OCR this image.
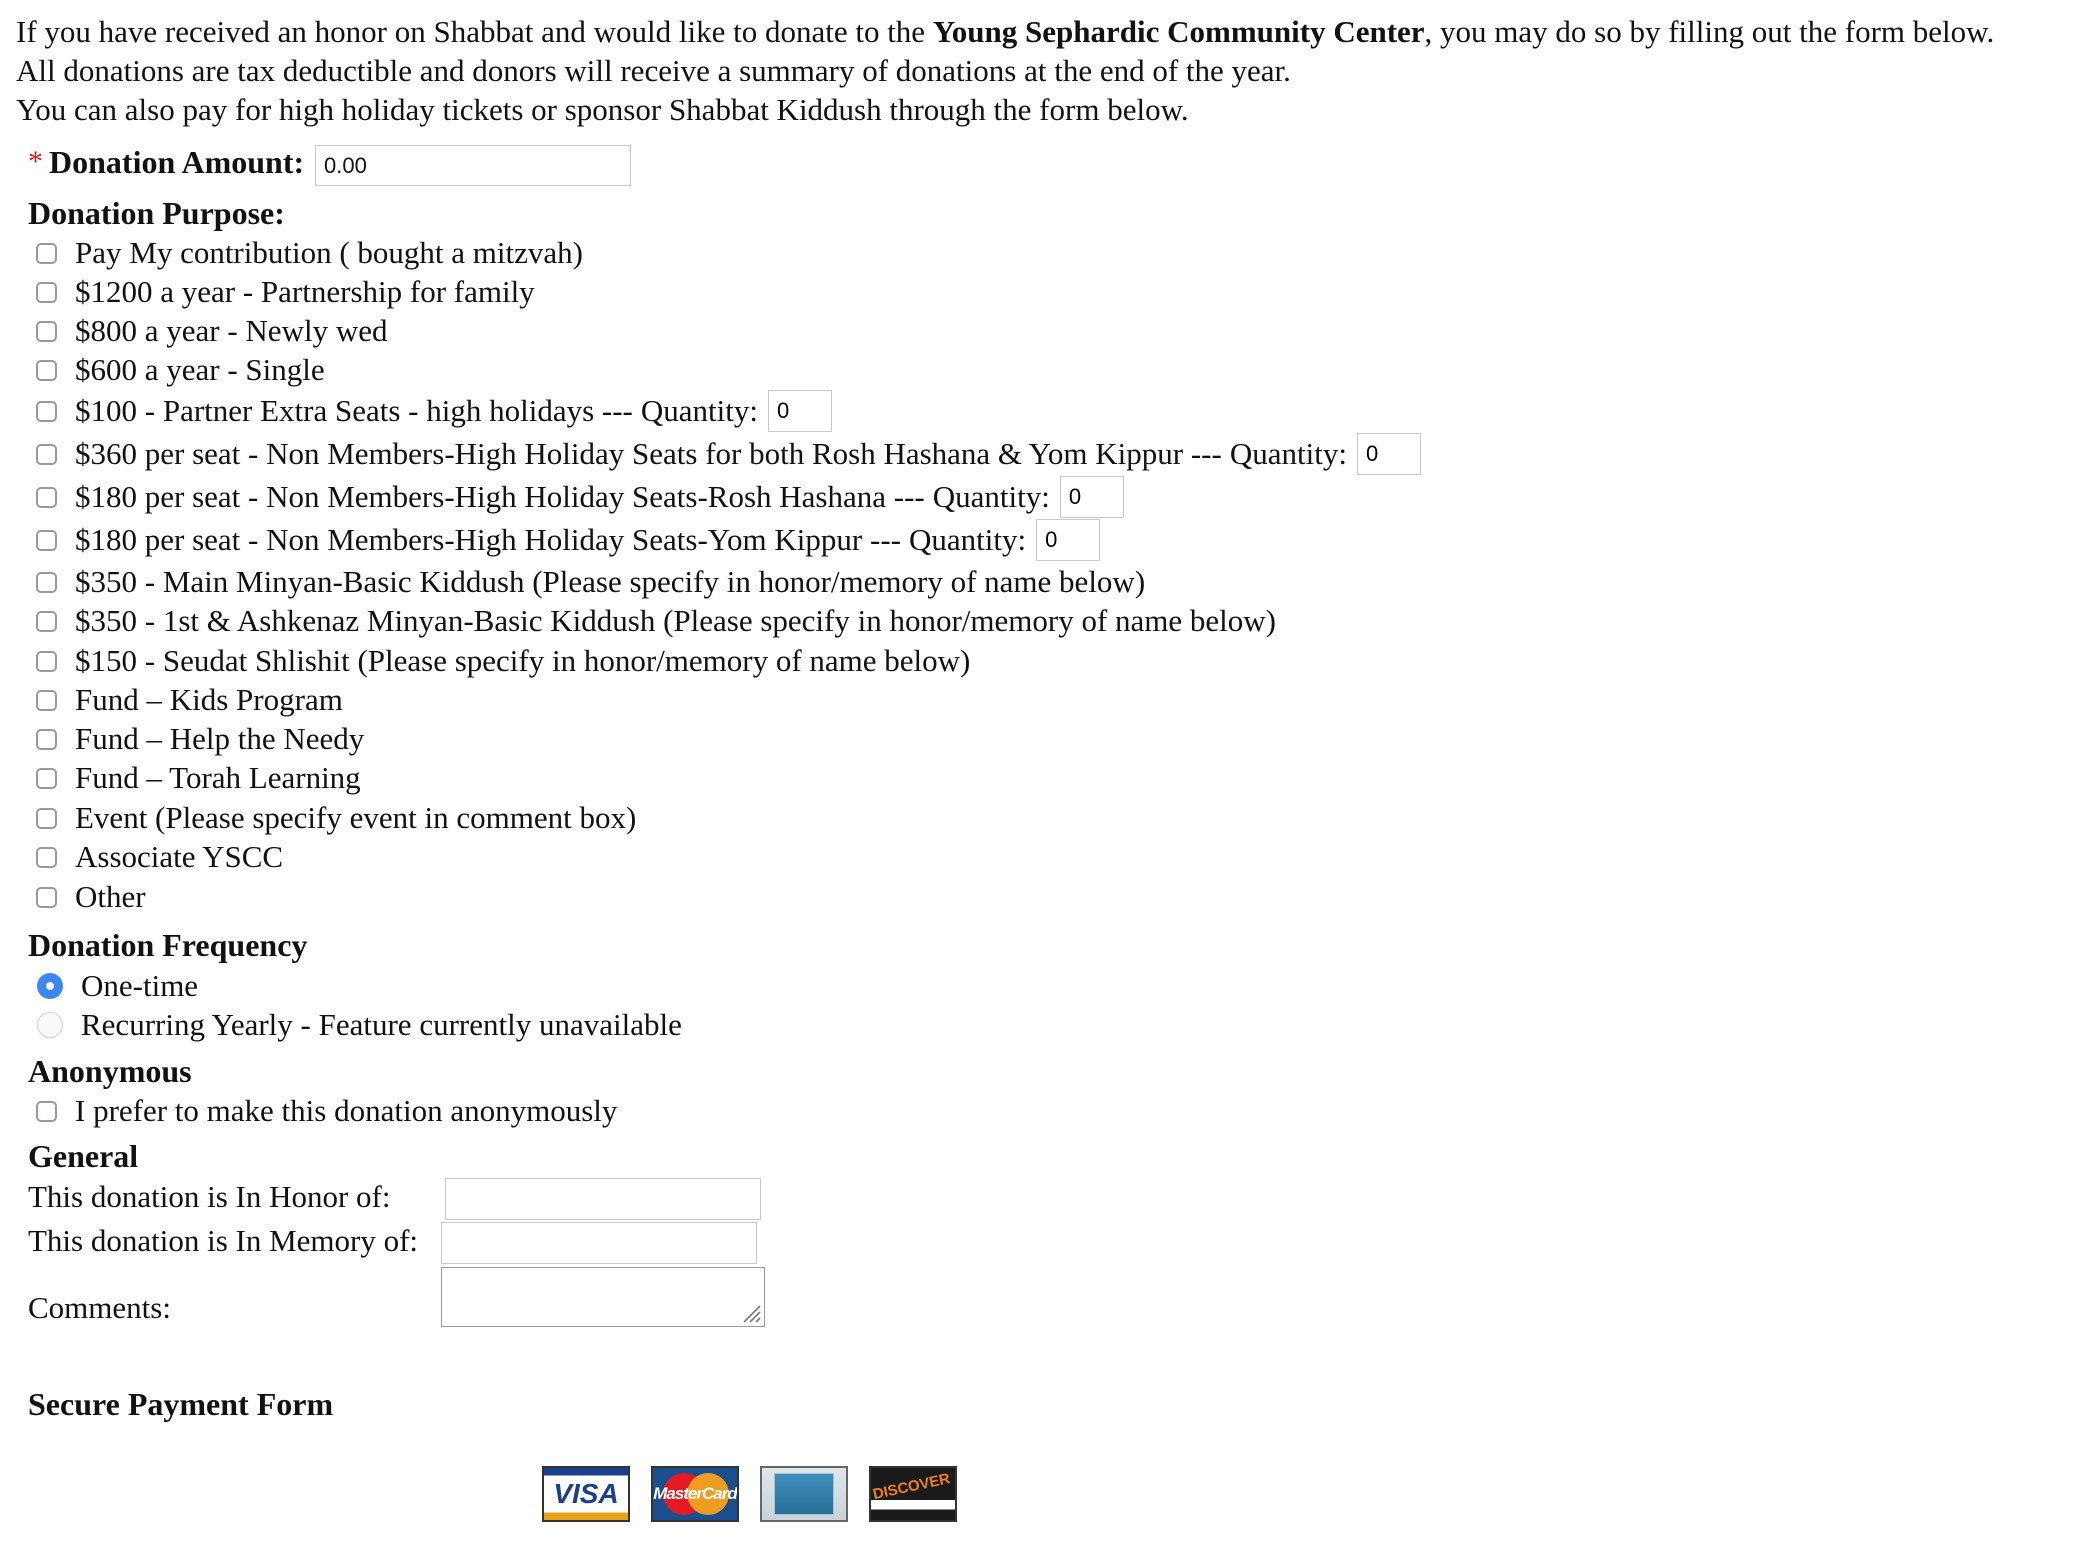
If you have received an honor on Shabbat and would like to donate to the Young Sephardic Community Center, you may do so by filling out the form below.

All donations are tax deductible and donors will receive a summary of donations at the end of the year.

You can also pay for high holiday tickets or sponsor Shabbat Kiddush through the form below.

* Donation Amount:
0.00
Donation Purpose:
Pay My contribution ( bought a mitzvah)
$1200 a year - Partnership for family
$800 a year - Newly wed
$600 a year - Single
$100 - Partner Extra Seats - high holidays --- Quantity:
0
$360 per seat - Non Members-High Holiday Seats for both Rosh Hashana & Yom Kippur --- Quantity:
0
$180 per seat - Non Members-High Holiday Seats-Rosh Hashana --- Quantity:
0
$180 per seat - Non Members-High Holiday Seats-Yom Kippur --- Quantity:
0
$350 - Main Minyan-Basic Kiddush (Please specify in honor/memory of name below)
$350 - 1st & Ashkenaz Minyan-Basic Kiddush (Please specify in honor/memory of name below)
$150 - Seudat Shlishit (Please specify in honor/memory of name below)
Fund – Kids Program
Fund – Help the Needy
Fund – Torah Learning
Event (Please specify event in comment box)
Associate YSCC
Other
Donation Frequency
One-time
Recurring Yearly - Feature currently unavailable
Anonymous
I prefer to make this donation anonymously
General
This donation is In Honor of:
This donation is In Memory of:
Comments:
Secure Payment Form
VISA MasterCard	DISCOVER
